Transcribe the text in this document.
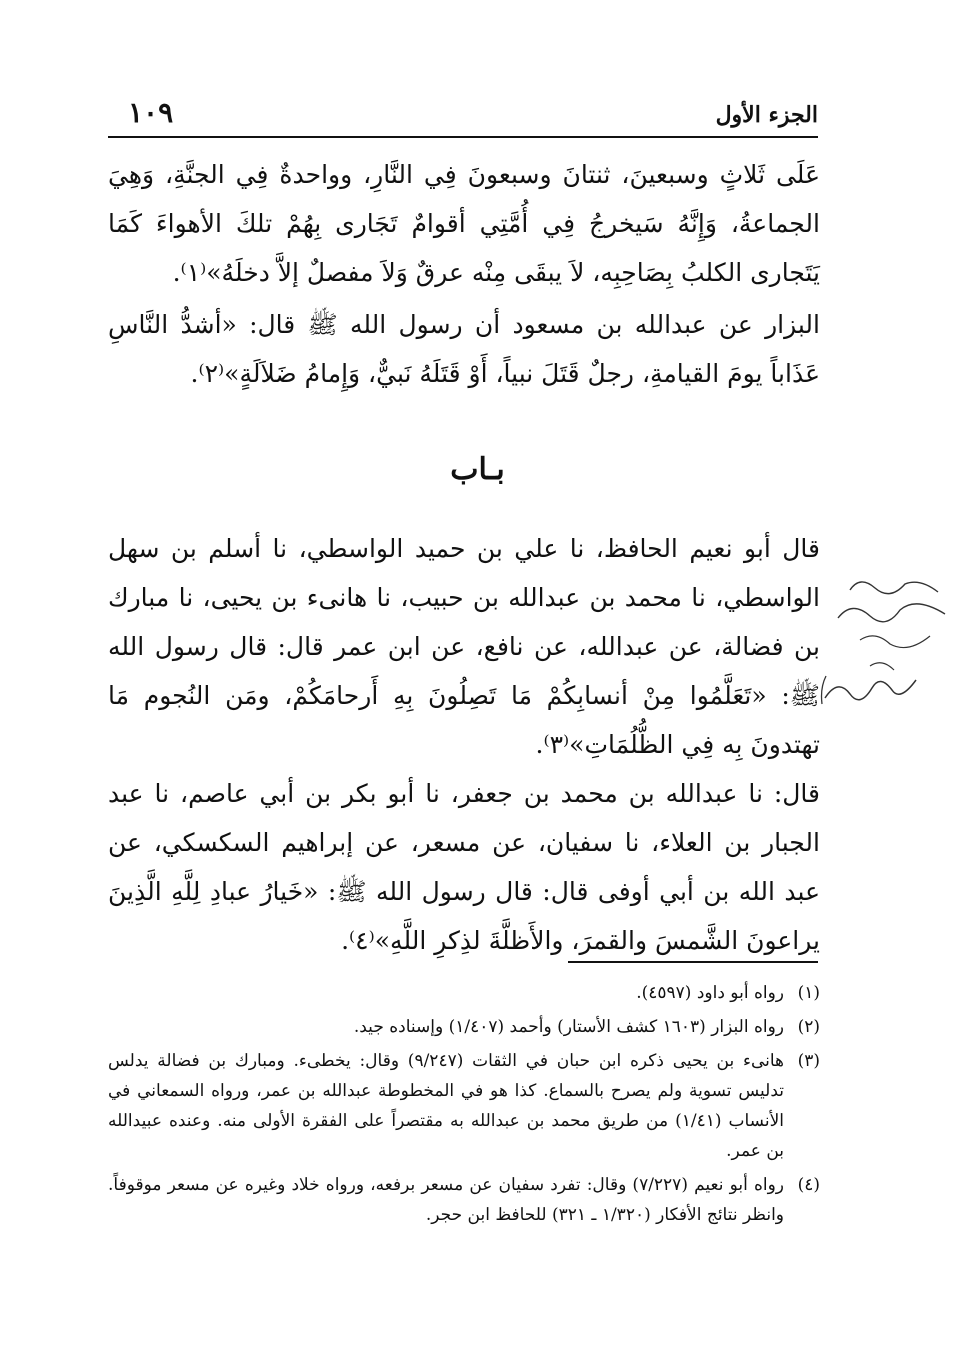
الجزء الأول
١٠٩

عَلَى ثَلاثٍ وسبعينَ، ثنتانَ وسبعونَ فِي النَّارِ، وواحدةٌ فِي الجنَّةِ، وَهِيَ الجماعةُ، وَإِنَّهُ سَيخرجُ فِي أُمَّتِي أقوامٌ تَجَارى بِهُمْ تلكَ الأهواءَ كَمَا يَتَجارى الكلبُ بِصَاحِبِه، لاَ يبقَى مِنْه عرقٌ وَلاَ مفصلٌ إلاَّ دخلَهُ»⁽١⁾.

البزار عن عبدالله بن مسعود أن رسول الله ﷺ قال: «أشدُّ النَّاسِ عَذَاباً يومَ القيامةِ، رجلٌ قَتَلَ نبياً، أَوْ قَتَلَهُ نَبيٌّ، وَإِمامُ ضَلاَلَةٍ»⁽٢⁾.

بـاب

قال أبو نعيم الحافظ، نا علي بن حميد الواسطي، نا أسلم بن سهل الواسطي، نا محمد بن عبدالله بن حبيب، نا هانىء بن يحيى، نا مبارك بن فضالة، عن عبدالله، عن نافع، عن ابن عمر قال: قال رسول الله ﷺ: «تَعَلَّمُوا مِنْ أنسابِكُمْ مَا تَصِلُونَ بِهِ أَرحامَكُمْ، ومَن النُجوم مَا تهتدونَ بِه فِي الظُّلُمَاتِ»⁽٣⁾.

قال: نا عبدالله بن محمد بن جعفر، نا أبو بكر بن أبي عاصم، نا عبد الجبار بن العلاء، نا سفيان، عن مسعر، عن إبراهيم السكسكي، عن عبد الله بن أبي أوفى قال: قال رسول الله ﷺ: «خَيارُ عبادِ لِلَّهِ الَّذِينَ يراعونَ الشَّمسَ والقمرَ، والأَظلَّةَ لذِكرِ اللَّهِ»⁽٤⁾.

(١)
رواه أبو داود (٤٥٩٧).
(٢)
رواه البزار (١٦٠٣ كشف الأستار) وأحمد (١/٤٠٧) وإسناده جيد.
(٣)
هانىء بن يحيى ذكره ابن حبان في الثقات (٩/٢٤٧) وقال: يخطىء. ومبارك بن فضالة يدلس تدليس تسوية ولم يصرح بالسماع. كذا هو في المخطوطة عبدالله بن عمر، ورواه السمعاني في الأنساب (١/٤١) من طريق محمد بن عبدالله به مقتصراً على الفقرة الأولى منه. وعنده عبيدالله بن عمر.
(٤)
رواه أبو نعيم (٧/٢٢٧) وقال: تفرد سفيان عن مسعر برفعه، ورواه خلاد وغيره عن مسعر موقوفاً. وانظر نتائج الأفكار (١/٣٢٠ ـ ٣٢١) للحافظ ابن حجر.
